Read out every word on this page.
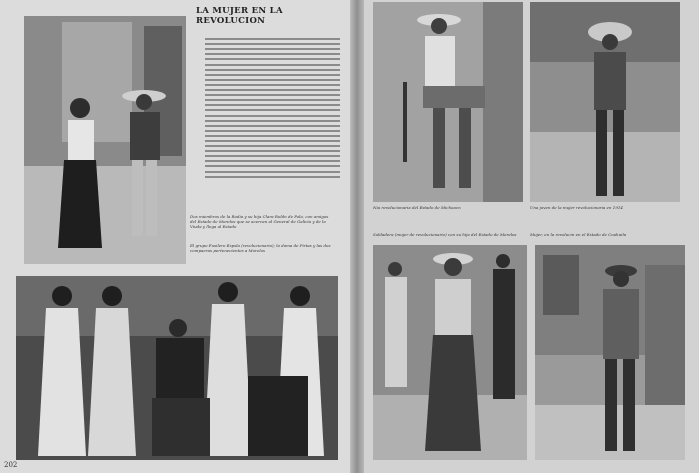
LA MUJER EN LA
REVOLUCION
Dos miembros de la Rodia y su hija Clara Roldn de Pola, con amigos del Estado de Morelos que se acercan al General de Galicia y de la Viuda y llega al Estado
El grupo Fusilero Espsla (revolucionario); la dama de Pirtas y las dos compaeras pertenecientes a Morelos
Nia revolucionaria del Estado de Michoacn	Una joven de la mujer revolucionaria en 1914
Soldadera (mujer de revolucionario) con su hija del Estado de Morelos	Mujer, en la revolucin en el Estado de Coahuila
202
